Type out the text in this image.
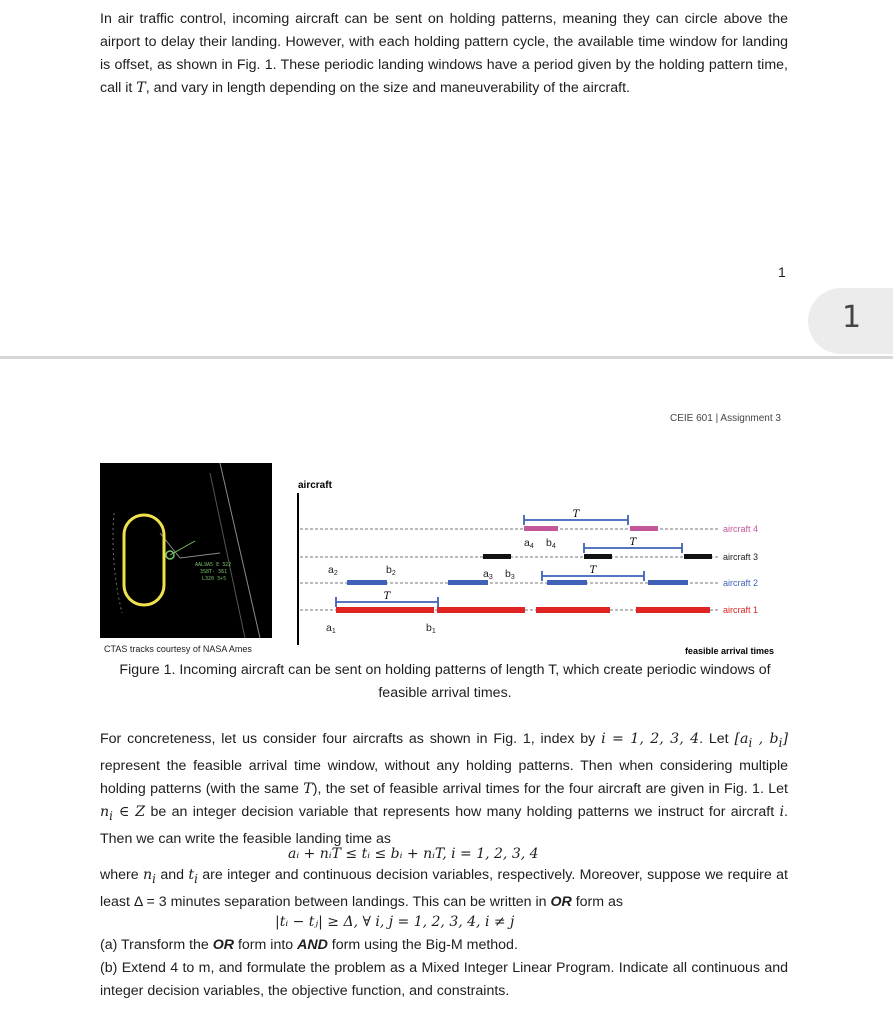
In air traffic control, incoming aircraft can be sent on holding patterns, meaning they can circle above the airport to delay their landing. However, with each holding pattern cycle, the available time window for landing is offset, as shown in Fig. 1. These periodic landing windows have a period given by the holding pattern time, call it T, and vary in length depending on the size and maneuverability of the aircraft.
1
1
CEIE 601 | Assignment 3
AAL9A5 E 322
3S8T- 361
L320 3+5
CTAS tracks courtesy of NASA Ames
aircraft
feasible arrival times
T
T
T
T
a4 b4
a3 b3
a2	b2
a1	b1
aircraft 4
aircraft 3
aircraft 2
aircraft 1
Figure 1. Incoming aircraft can be sent on holding patterns of length T, which create periodic windows of feasible arrival times.
For concreteness, let us consider four aircrafts as shown in Fig. 1, index by i = 1, 2, 3, 4. Let [$a_i$ , $b_i$] represent the feasible arrival time window, without any holding patterns. Then when considering multiple holding patterns (with the same T), the set of feasible arrival times for the four aircraft are given in Fig. 1. Let $n_i$ ∈ Z be an integer decision variable that represents how many holding patterns we instruct for aircraft i. Then we can write the feasible landing time as
aᵢ + nᵢT ≤ tᵢ ≤ bᵢ + nᵢT, i = 1, 2, 3, 4
where $n_i$ and $t_i$ are integer and continuous decision variables, respectively. Moreover, suppose we require at least Δ = 3 minutes separation between landings. This can be written in OR form as
|tᵢ − tⱼ| ≥ Δ, ∀ i, j = 1, 2, 3, 4, i ≠ j
(a) Transform the OR form into AND form using the Big-M method.
(b) Extend 4 to m, and formulate the problem as a Mixed Integer Linear Program. Indicate all continuous and integer decision variables, the objective function, and constraints.
